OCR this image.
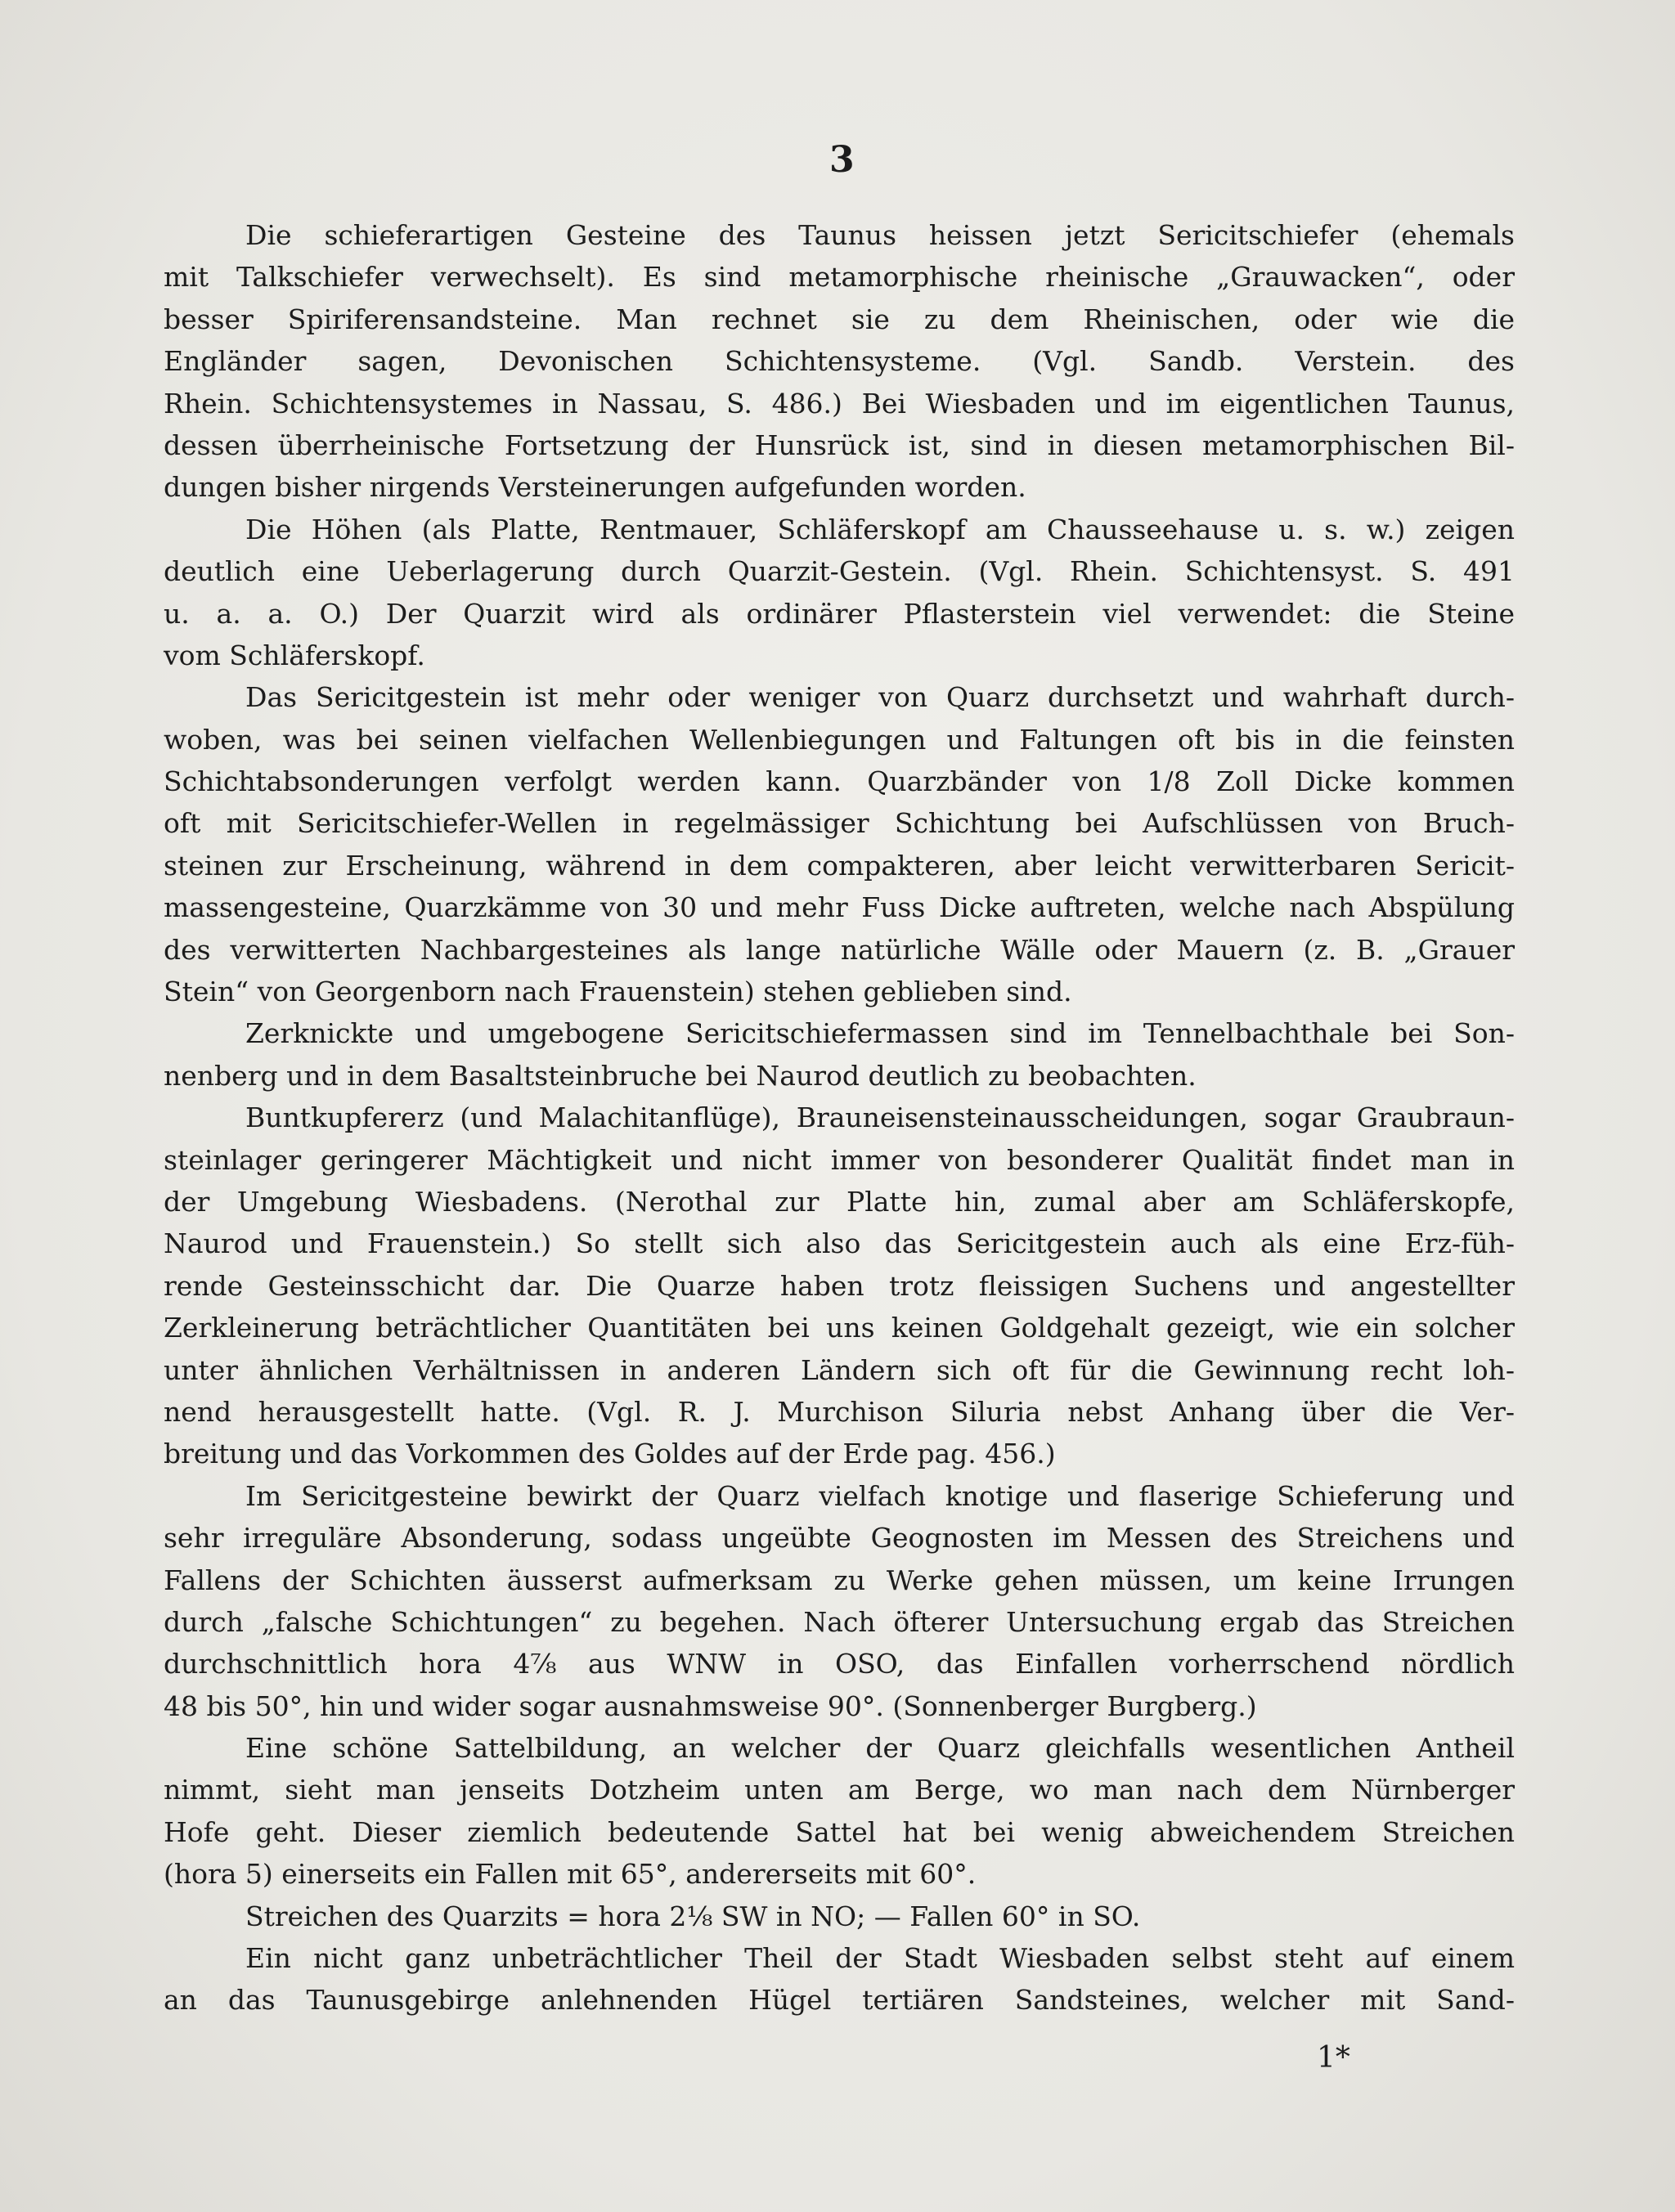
3
Die schieferartigen Gesteine des Taunus heissen jetzt Sericitschiefer (ehemals
mit Talkschiefer verwechselt). Es sind metamorphische rheinische „Grauwacken“, oder
besser Spiriferensandsteine. Man rechnet sie zu dem Rheinischen, oder wie die
Engländer sagen, Devonischen Schichtensysteme. (Vgl. Sandb. Verstein. des
Rhein. Schichtensystemes in Nassau, S. 486.) Bei Wiesbaden und im eigentlichen Taunus,
dessen überrheinische Fortsetzung der Hunsrück ist, sind in diesen metamorphischen Bil-
dungen bisher nirgends Versteinerungen aufgefunden worden.
Die Höhen (als Platte, Rentmauer, Schläferskopf am Chausseehause u. s. w.) zeigen
deutlich eine Ueberlagerung durch Quarzit-Gestein. (Vgl. Rhein. Schichtensyst. S. 491
u. a. a. O.) Der Quarzit wird als ordinärer Pflasterstein viel verwendet: die Steine
vom Schläferskopf.
Das Sericitgestein ist mehr oder weniger von Quarz durchsetzt und wahrhaft durch-
woben, was bei seinen vielfachen Wellenbiegungen und Faltungen oft bis in die feinsten
Schichtabsonderungen verfolgt werden kann. Quarzbänder von 1/8 Zoll Dicke kommen
oft mit Sericitschiefer-Wellen in regelmässiger Schichtung bei Aufschlüssen von Bruch-
steinen zur Erscheinung, während in dem compakteren, aber leicht verwitterbaren Sericit-
massengesteine, Quarzkämme von 30 und mehr Fuss Dicke auftreten, welche nach Abspülung
des verwitterten Nachbargesteines als lange natürliche Wälle oder Mauern (z. B. „Grauer
Stein“ von Georgenborn nach Frauenstein) stehen geblieben sind.
Zerknickte und umgebogene Sericitschiefermassen sind im Tennelbachthale bei Son-
nenberg und in dem Basaltsteinbruche bei Naurod deutlich zu beobachten.
Buntkupfererz (und Malachitanflüge), Brauneisensteinausscheidungen, sogar Graubraun-
steinlager geringerer Mächtigkeit und nicht immer von besonderer Qualität findet man in
der Umgebung Wiesbadens. (Nerothal zur Platte hin, zumal aber am Schläferskopfe,
Naurod und Frauenstein.) So stellt sich also das Sericitgestein auch als eine Erz-füh-
rende Gesteinsschicht dar. Die Quarze haben trotz fleissigen Suchens und angestellter
Zerkleinerung beträchtlicher Quantitäten bei uns keinen Goldgehalt gezeigt, wie ein solcher
unter ähnlichen Verhältnissen in anderen Ländern sich oft für die Gewinnung recht loh-
nend herausgestellt hatte. (Vgl. R. J. Murchison Siluria nebst Anhang über die Ver-
breitung und das Vorkommen des Goldes auf der Erde pag. 456.)
Im Sericitgesteine bewirkt der Quarz vielfach knotige und flaserige Schieferung und
sehr irreguläre Absonderung, sodass ungeübte Geognosten im Messen des Streichens und
Fallens der Schichten äusserst aufmerksam zu Werke gehen müssen, um keine Irrungen
durch „falsche Schichtungen“ zu begehen. Nach öfterer Untersuchung ergab das Streichen
durchschnittlich hora 4⅞ aus WNW in OSO, das Einfallen vorherrschend nördlich
48 bis 50°, hin und wider sogar ausnahmsweise 90°. (Sonnenberger Burgberg.)
Eine schöne Sattelbildung, an welcher der Quarz gleichfalls wesentlichen Antheil
nimmt, sieht man jenseits Dotzheim unten am Berge, wo man nach dem Nürnberger
Hofe geht. Dieser ziemlich bedeutende Sattel hat bei wenig abweichendem Streichen
(hora 5) einerseits ein Fallen mit 65°, andererseits mit 60°.
Streichen des Quarzits = hora 2⅛ SW in NO; — Fallen 60° in SO.
Ein nicht ganz unbeträchtlicher Theil der Stadt Wiesbaden selbst steht auf einem
an das Taunusgebirge anlehnenden Hügel tertiären Sandsteines, welcher mit Sand-
1*
